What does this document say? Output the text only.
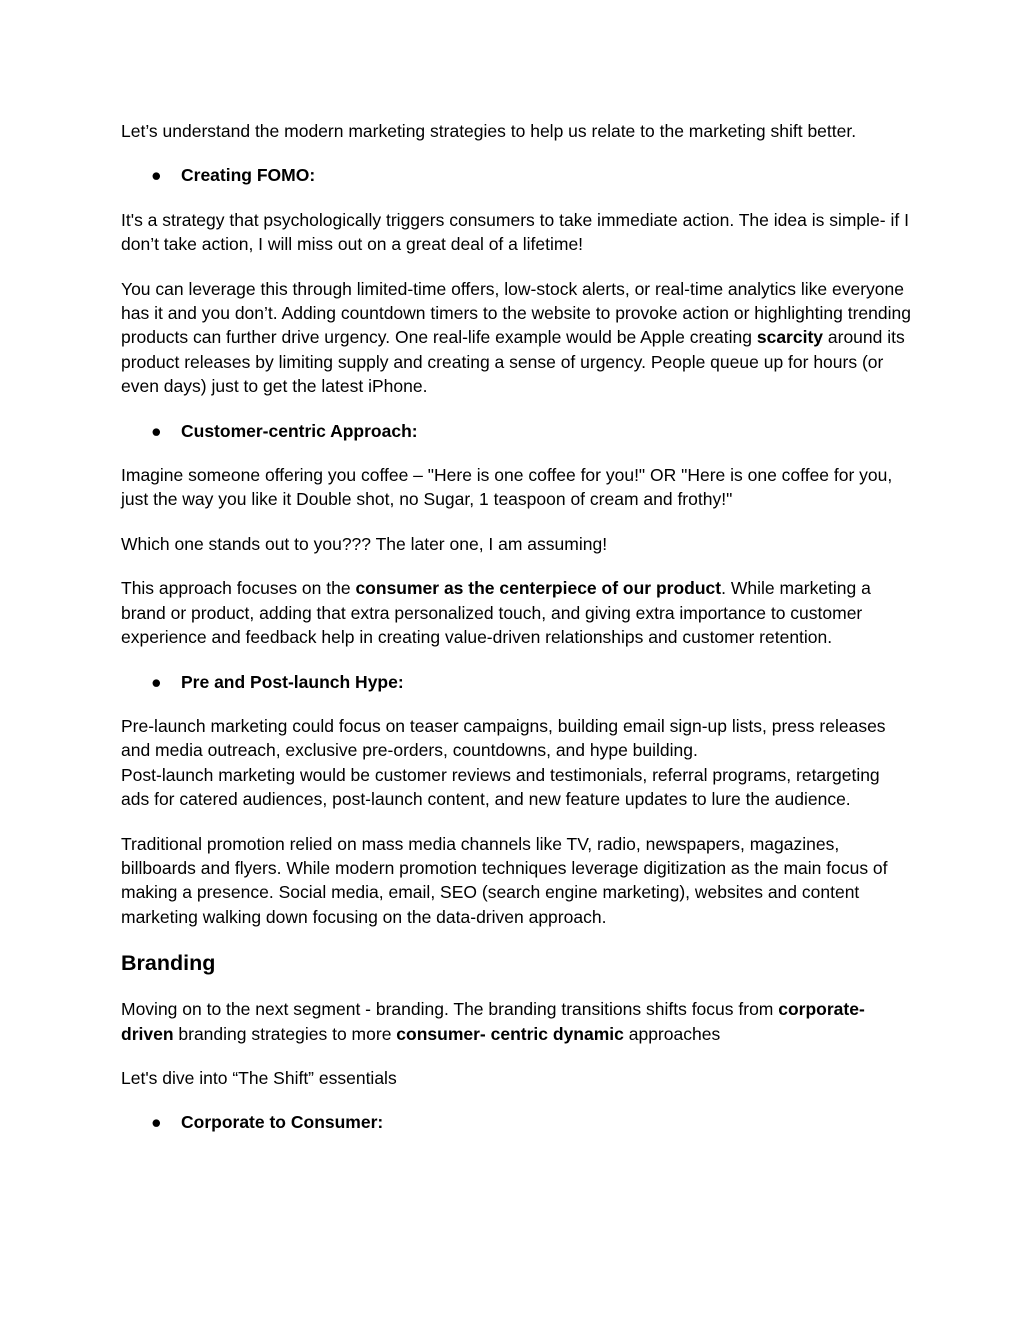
Let’s understand the modern marketing strategies to help us relate to the marketing shift better.

● Creating FOMO:

It's a strategy that psychologically triggers consumers to take immediate action. The idea is simple- if I don’t take action, I will miss out on a great deal of a lifetime!

You can leverage this through limited-time offers, low-stock alerts, or real-time analytics like everyone has it and you don’t. Adding countdown timers to the website to provoke action or highlighting trending products can further drive urgency. One real-life example would be Apple creating scarcity around its product releases by limiting supply and creating a sense of urgency. People queue up for hours (or even days) just to get the latest iPhone.

● Customer-centric Approach:

Imagine someone offering you coffee – "Here is one coffee for you!" OR "Here is one coffee for you, just the way you like it Double shot, no Sugar, 1 teaspoon of cream and frothy!"

Which one stands out to you??? The later one, I am assuming!

This approach focuses on the consumer as the centerpiece of our product. While marketing a brand or product, adding that extra personalized touch, and giving extra importance to customer experience and feedback help in creating value-driven relationships and customer retention.

● Pre and Post-launch Hype:

Pre-launch marketing could focus on teaser campaigns, building email sign-up lists, press releases and media outreach, exclusive pre-orders, countdowns, and hype building.
Post-launch marketing would be customer reviews and testimonials, referral programs, retargeting ads for catered audiences, post-launch content, and new feature updates to lure the audience.

Traditional promotion relied on mass media channels like TV, radio, newspapers, magazines, billboards and flyers. While modern promotion techniques leverage digitization as the main focus of making a presence. Social media, email, SEO (search engine marketing), websites and content marketing walking down focusing on the data-driven approach.

Branding

Moving on to the next segment - branding. The branding transitions shifts focus from corporate-driven branding strategies to more consumer- centric dynamic approaches

Let's dive into “The Shift” essentials

● Corporate to Consumer:
